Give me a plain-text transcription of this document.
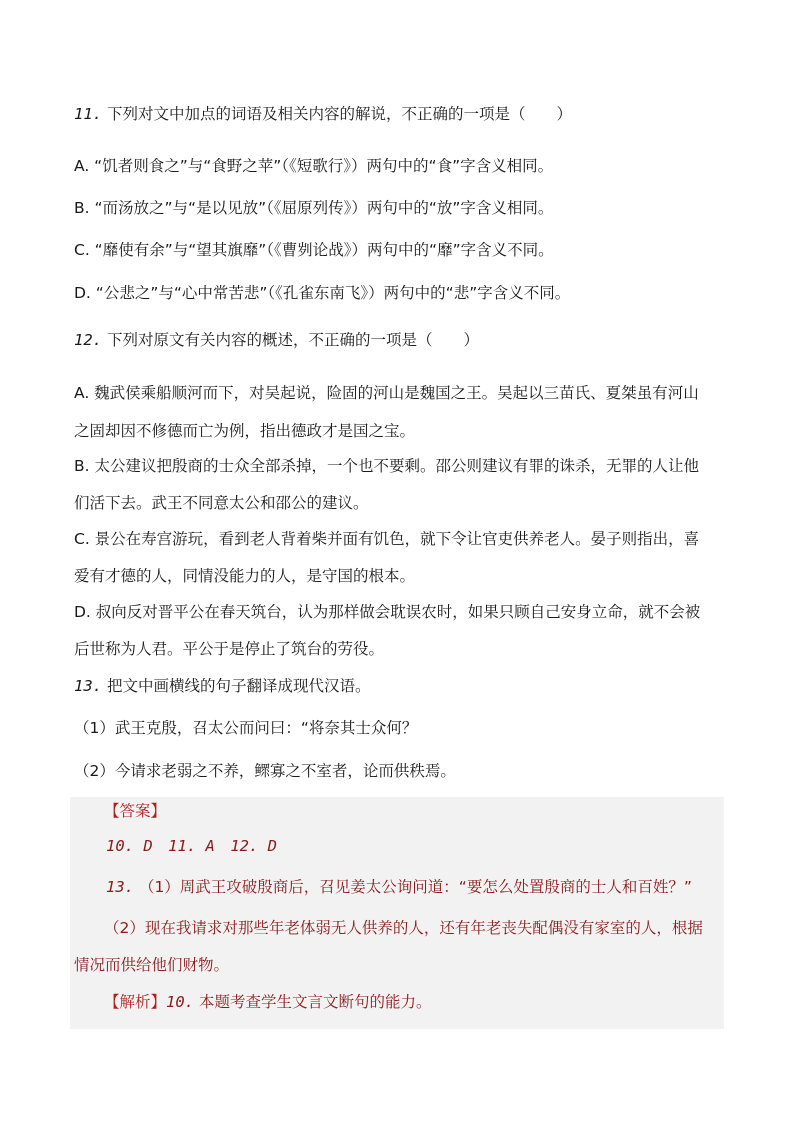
11. 下列对文中加点的词语及相关内容的解说，不正确的一项是（　　）
A. “饥者则食之”与“食野之苹”（《短歌行》）两句中的“食”字含义相同。
B. “而汤放之”与“是以见放”（《屈原列传》）两句中的“放”字含义相同。
C. “靡使有余”与“望其旗靡”（《曹刿论战》）两句中的“靡”字含义不同。
D. “公悲之”与“心中常苦悲”（《孔雀东南飞》）两句中的“悲”字含义不同。
12. 下列对原文有关内容的概述，不正确的一项是（　　）
A. 魏武侯乘船顺河而下，对吴起说，险固的河山是魏国之王。吴起以三苗氏、夏桀虽有河山
之固却因不修德而亡为例，指出德政才是国之宝。
B. 太公建议把殷商的士众全部杀掉，一个也不要剩。邵公则建议有罪的诛杀，无罪的人让他
们活下去。武王不同意太公和邵公的建议。
C. 景公在寿宫游玩，看到老人背着柴并面有饥色，就下令让官吏供养老人。晏子则指出，喜
爱有才德的人，同情没能力的人，是守国的根本。
D. 叔向反对晋平公在春天筑台，认为那样做会耽误农时，如果只顾自己安身立命，就不会被
后世称为人君。平公于是停止了筑台的劳役。
13. 把文中画横线的句子翻译成现代汉语。
（1）武王克殷，召太公而问曰：“将奈其士众何？
（2）今请求老弱之不养，鳏寡之不室者，论而供秩焉。
【答案】
10. D　11. A　12. D
13. （1）周武王攻破殷商后，召见姜太公询问道：“要怎么处置殷商的士人和百姓？”
（2）现在我请求对那些年老体弱无人供养的人，还有年老丧失配偶没有家室的人，根据
情况而供给他们财物。
【解析】10. 本题考查学生文言文断句的能力。
